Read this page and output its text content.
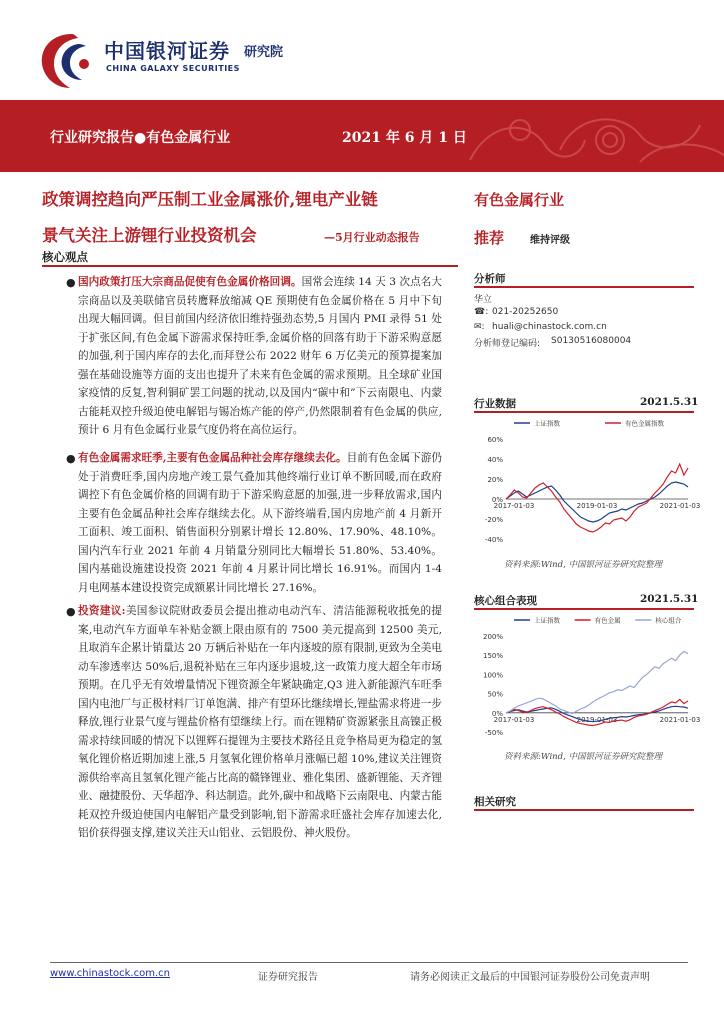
中国银河证券 研究院
CHINA GALAXY SECURITIES
行业研究报告●有色金属行业	2021 年 6 月 1 日
政策调控趋向严压制工业金属涨价,锂电产业链
景气关注上游锂行业投资机会	—5月行业动态报告
核心观点
● 国内政策打压大宗商品促使有色金属价格回调。国常会连续 14 天 3 次点名大宗商品以及美联储官员转鹰释放缩减 QE 预期使有色金属价格在 5 月中下旬出现大幅回调。但目前国内经济依旧维持强劲态势,5 月国内 PMI 录得 51 处于扩张区间,有色金属下游需求保持旺季,金属价格的回落有助于下游采购意愿的加强,利于国内库存的去化,而拜登公布 2022 财年 6 万亿美元的预算提案加强在基础设施等方面的支出也提升了未来有色金属的需求预期。且全球矿业国家疫情的反复,智利铜矿罢工问题的扰动,以及国内“碳中和”下云南限电、内蒙古能耗双控升级迫使电解铝与锡冶炼产能的停产,仍然限制着有色金属的供应,预计 6 月有色金属行业景气度仍将在高位运行。
● 有色金属需求旺季,主要有色金属品种社会库存继续去化。目前有色金属下游仍处于消费旺季,国内房地产竣工景气叠加其他终端行业订单不断回暖,而在政府调控下有色金属价格的回调有助于下游采购意愿的加强,进一步释放需求,国内主要有色金属品种社会库存继续去化。从下游终端看,国内房地产前 4 月新开工面积、竣工面积、销售面积分别累计增长 12.80%、17.90%、48.10%。国内汽车行业 2021 年前 4 月销量分别同比大幅增长 51.80%、53.40%。国内基础设施建设投资 2021 年前 4 月累计同比增长 16.91%。而国内 1-4 月电网基本建设投资完成额累计同比增长 27.16%。
● 投资建议:美国参议院财政委员会提出推动电动汽车、清洁能源税收抵免的提案,电动汽车方面单车补贴金额上限由原有的 7500 美元提高到 12500 美元,且取消车企累计销量达 20 万辆后补贴在一年内逐坡的原有限制,更致为全美电动车渗透率达 50%后,退税补贴在三年内逐步退坡,这一政策力度大超全年市场预期。在几乎无有效增量情况下锂资源全年紧缺确定,Q3 进入新能源汽车旺季国内电池厂与正极材料厂订单饱满、排产有望环比继续增长,锂盐需求将进一步释放,锂行业景气度与锂盐价格有望继续上行。而在锂精矿资源紧张且高镍正极需求持续回暖的情况下以锂辉石提锂为主要技术路径且竞争格局更为稳定的氢氧化锂价格近期加速上涨,5 月氢氧化锂价格单月涨幅已超 10%,建议关注锂资源供给率高且氢氧化锂产能占比高的赣锋锂业、雅化集团、盛新锂能、天齐锂业、融捷股份、天华超净、科达制造。此外,碳中和战略下云南限电、内蒙古能耗双控升级迫使国内电解铝产量受到影响,铝下游需求旺盛社会库存加速去化,铝价获得强支撑,建议关注天山铝业、云铝股份、神火股份。
有色金属行业
推荐	维持评级
分析师
华立
☎: 021-20252650
✉: huali@chinastock.com.cn
分析师登记编码: S0130516080004
行业数据	2021.5.31
60%
40%
20%
0%
-20%
-40%
2017-01-03	2019-01-03	2021-01-03
上证指数	有色金属指数
资料来源:Wind, 中国银河证券研究院整理
核心组合表现	2021.5.31
200%
150%
100%
50%
0%
-50%
2017-01-03	2019-01-03	2021-01-03
上证指数	有色金属	核心组合
资料来源:Wind, 中国银河证券研究院整理
相关研究
www.chinastock.com.cn	证券研究报告	请务必阅读正文最后的中国银河证券股份公司免责声明
